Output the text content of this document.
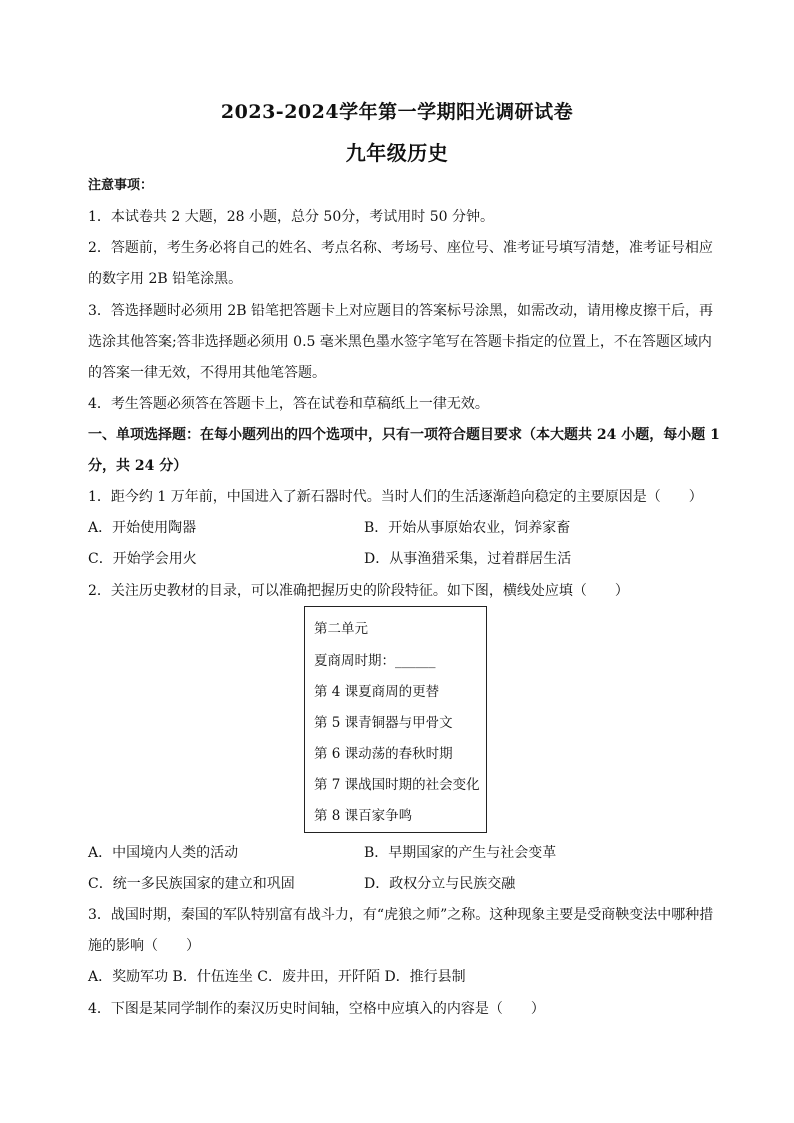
2023-2024学年第一学期阳光调研试卷
九年级历史
注意事项：
1．本试卷共 2 大题，28 小题，总分 50分，考试用时 50 分钟。
2．答题前，考生务必将自己的姓名、考点名称、考场号、座位号、准考证号填写清楚，准考证号相应
的数字用 2B 铅笔涂黑。
3．答选择题时必须用 2B 铅笔把答题卡上对应题目的答案标号涂黑，如需改动，请用橡皮擦干后，再
选涂其他答案;答非选择题必须用 0.5 毫米黑色墨水签字笔写在答题卡指定的位置上，不在答题区域内
的答案一律无效，不得用其他笔答题。
4．考生答题必须答在答题卡上，答在试卷和草稿纸上一律无效。
一、单项选择题：在每小题列出的四个选项中，只有一项符合题目要求（本大题共 24 小题，每小题 1
分，共 24 分）
1．距今约 1 万年前，中国进入了新石器时代。当时人们的生活逐渐趋向稳定的主要原因是（　　）
A．开始使用陶器	B．开始从事原始农业，饲养家畜
C．开始学会用火	D．从事渔猎采集，过着群居生活
2．关注历史教材的目录，可以准确把握历史的阶段特征。如下图，横线处应填（　　）
第二单元
夏商周时期：______
第 4 课夏商周的更替
第 5 课青铜器与甲骨文
第 6 课动荡的春秋时期
第 7 课战国时期的社会变化
第 8 课百家争鸣
A．中国境内人类的活动	B．早期国家的产生与社会变革
C．统一多民族国家的建立和巩固	D．政权分立与民族交融
3．战国时期，秦国的军队特别富有战斗力，有“虎狼之师”之称。这种现象主要是受商鞅变法中哪种措
施的影响（　　）
A．奖励军功 B．什伍连坐 C．废井田，开阡陌 D．推行县制
4．下图是某同学制作的秦汉历史时间轴，空格中应填入的内容是（　　）
